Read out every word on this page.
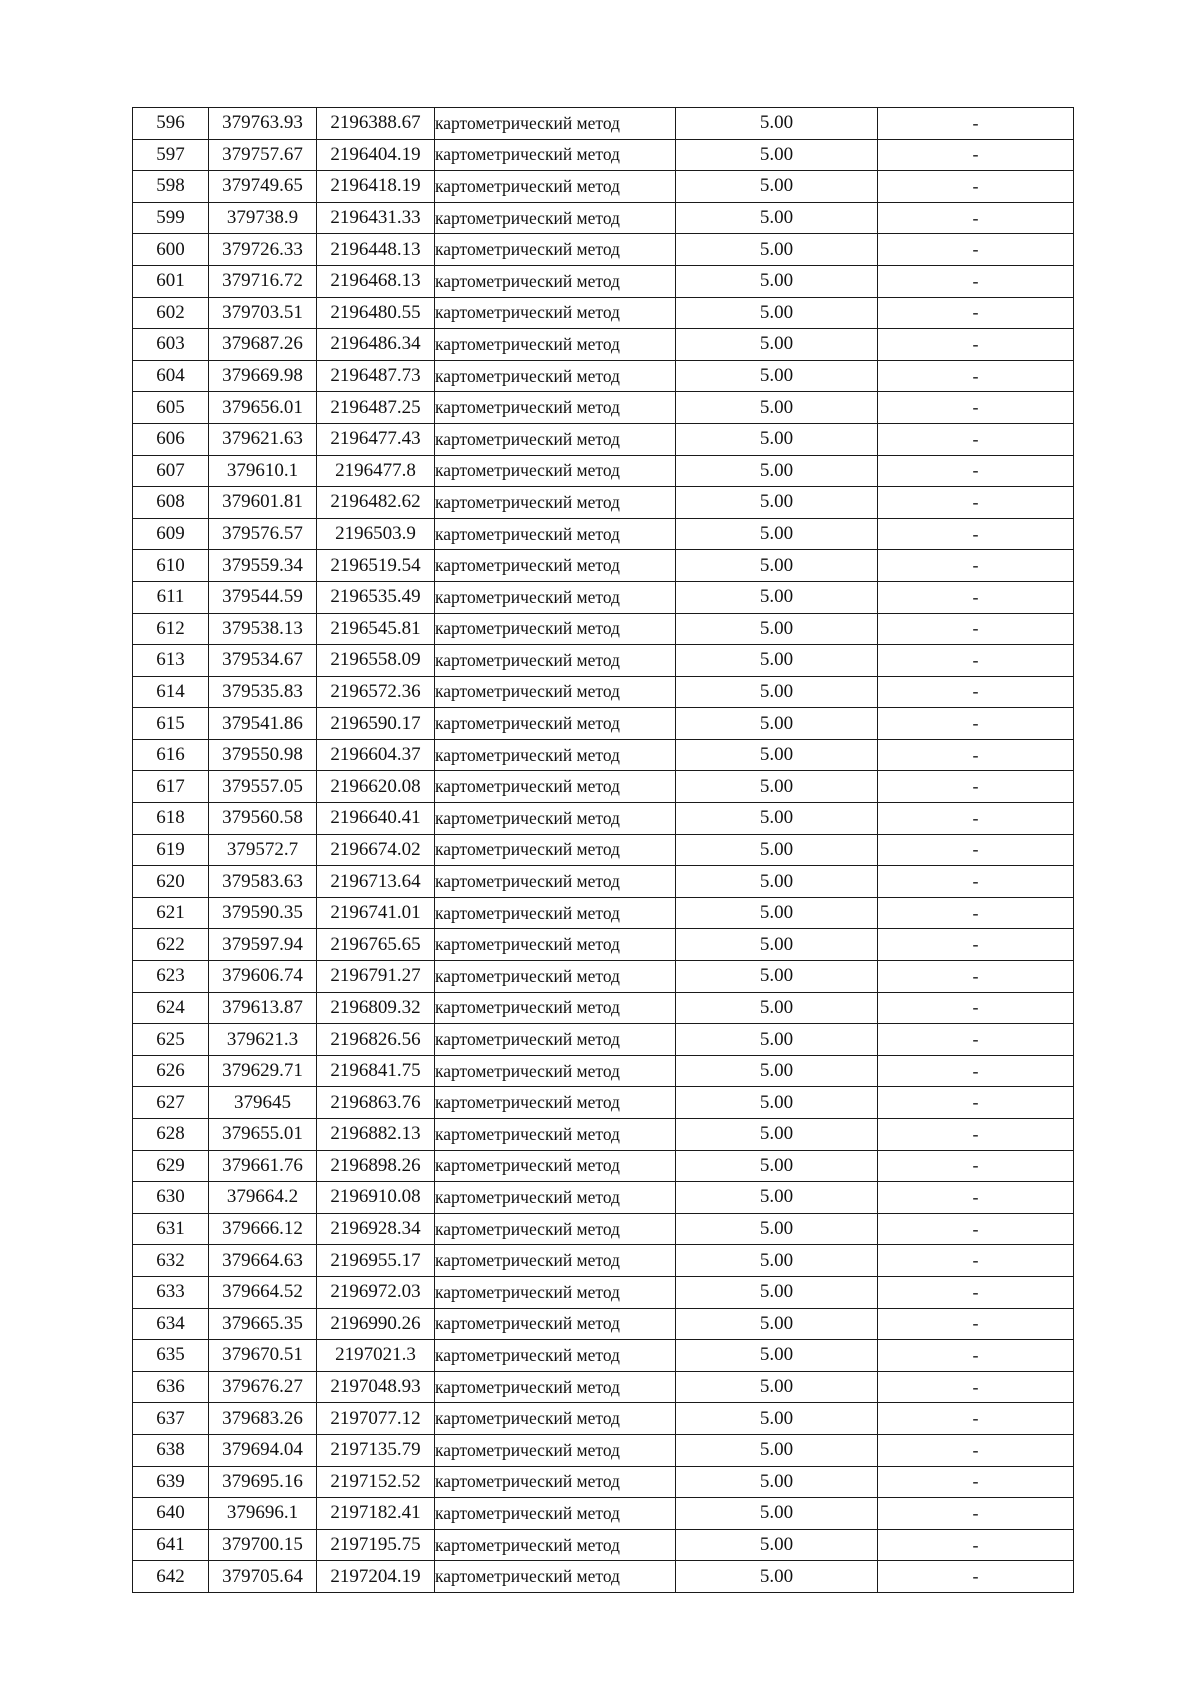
596	379763.93	2196388.67	картометрический метод	5.00	-
597	379757.67	2196404.19	картометрический метод	5.00	-
598	379749.65	2196418.19	картометрический метод	5.00	-
599	379738.9	2196431.33	картометрический метод	5.00	-
600	379726.33	2196448.13	картометрический метод	5.00	-
601	379716.72	2196468.13	картометрический метод	5.00	-
602	379703.51	2196480.55	картометрический метод	5.00	-
603	379687.26	2196486.34	картометрический метод	5.00	-
604	379669.98	2196487.73	картометрический метод	5.00	-
605	379656.01	2196487.25	картометрический метод	5.00	-
606	379621.63	2196477.43	картометрический метод	5.00	-
607	379610.1	2196477.8	картометрический метод	5.00	-
608	379601.81	2196482.62	картометрический метод	5.00	-
609	379576.57	2196503.9	картометрический метод	5.00	-
610	379559.34	2196519.54	картометрический метод	5.00	-
611	379544.59	2196535.49	картометрический метод	5.00	-
612	379538.13	2196545.81	картометрический метод	5.00	-
613	379534.67	2196558.09	картометрический метод	5.00	-
614	379535.83	2196572.36	картометрический метод	5.00	-
615	379541.86	2196590.17	картометрический метод	5.00	-
616	379550.98	2196604.37	картометрический метод	5.00	-
617	379557.05	2196620.08	картометрический метод	5.00	-
618	379560.58	2196640.41	картометрический метод	5.00	-
619	379572.7	2196674.02	картометрический метод	5.00	-
620	379583.63	2196713.64	картометрический метод	5.00	-
621	379590.35	2196741.01	картометрический метод	5.00	-
622	379597.94	2196765.65	картометрический метод	5.00	-
623	379606.74	2196791.27	картометрический метод	5.00	-
624	379613.87	2196809.32	картометрический метод	5.00	-
625	379621.3	2196826.56	картометрический метод	5.00	-
626	379629.71	2196841.75	картометрический метод	5.00	-
627	379645	2196863.76	картометрический метод	5.00	-
628	379655.01	2196882.13	картометрический метод	5.00	-
629	379661.76	2196898.26	картометрический метод	5.00	-
630	379664.2	2196910.08	картометрический метод	5.00	-
631	379666.12	2196928.34	картометрический метод	5.00	-
632	379664.63	2196955.17	картометрический метод	5.00	-
633	379664.52	2196972.03	картометрический метод	5.00	-
634	379665.35	2196990.26	картометрический метод	5.00	-
635	379670.51	2197021.3	картометрический метод	5.00	-
636	379676.27	2197048.93	картометрический метод	5.00	-
637	379683.26	2197077.12	картометрический метод	5.00	-
638	379694.04	2197135.79	картометрический метод	5.00	-
639	379695.16	2197152.52	картометрический метод	5.00	-
640	379696.1	2197182.41	картометрический метод	5.00	-
641	379700.15	2197195.75	картометрический метод	5.00	-
642	379705.64	2197204.19	картометрический метод	5.00	-
